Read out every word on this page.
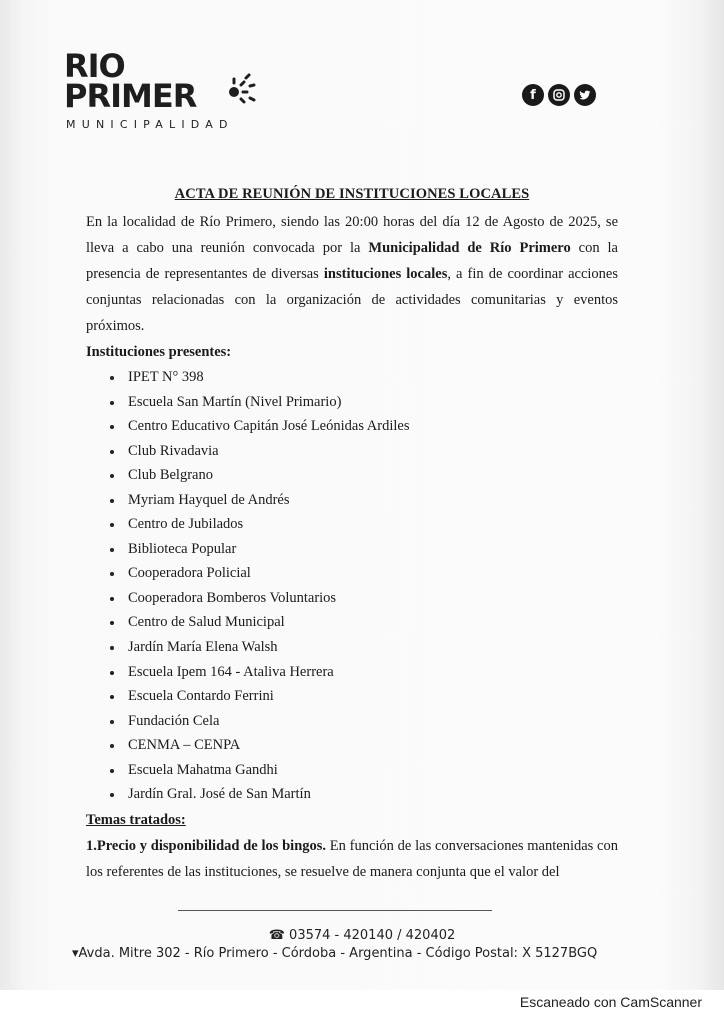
RIO
PRIMER
MUNICIPALIDAD
f
ACTA DE REUNIÓN DE INSTITUCIONES LOCALES

En la localidad de Río Primero, siendo las 20:00 horas del día 12 de Agosto de 2025, se lleva a cabo una reunión convocada por la Municipalidad de Río Primero con la presencia de representantes de diversas instituciones locales, a fin de coordinar acciones conjuntas relacionadas con la organización de actividades comunitarias y eventos próximos.

Instituciones presentes:
IPET N° 398
Escuela San Martín (Nivel Primario)
Centro Educativo Capitán José Leónidas Ardiles
Club Rivadavia
Club Belgrano
Myriam Hayquel de Andrés
Centro de Jubilados
Biblioteca Popular
Cooperadora Policial
Cooperadora Bomberos Voluntarios
Centro de Salud Municipal
Jardín María Elena Walsh
Escuela Ipem 164 - Ataliva Herrera
Escuela Contardo Ferrini
Fundación Cela
CENMA – CENPA
Escuela Mahatma Gandhi
Jardín Gral. José de San Martín
Temas tratados:

1.Precio y disponibilidad de los bingos. En función de las conversaciones mantenidas con los referentes de las instituciones, se resuelve de manera conjunta que el valor del

☎ 03574 - 420140 / 420402
▾Avda. Mitre 302 - Río Primero - Córdoba - Argentina - Código Postal: X 5127BGQ
Escaneado con CamScanner
